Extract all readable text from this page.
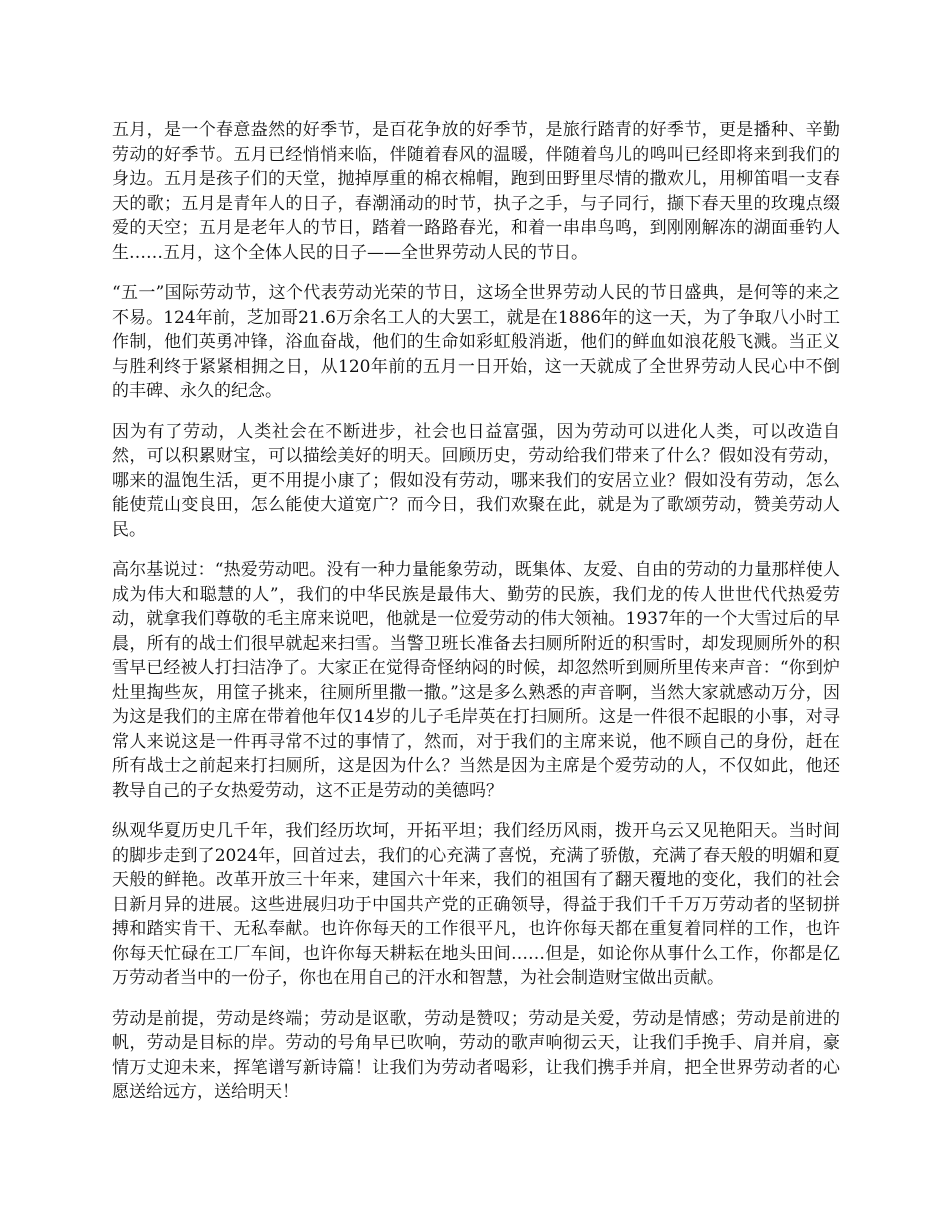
五月，是一个春意盎然的好季节，是百花争放的好季节，是旅行踏青的好季节，更是播种、辛勤劳动的好季节。五月已经悄悄来临，伴随着春风的温暖，伴随着鸟儿的鸣叫已经即将来到我们的身边。五月是孩子们的天堂，抛掉厚重的棉衣棉帽，跑到田野里尽情的撒欢儿，用柳笛唱一支春天的歌；五月是青年人的日子，春潮涌动的时节，执子之手，与子同行，撷下春天里的玫瑰点缀爱的天空；五月是老年人的节日，踏着一路路春光，和着一串串鸟鸣，到刚刚解冻的湖面垂钓人生……五月，这个全体人民的日子——全世界劳动人民的节日。

“五一”国际劳动节，这个代表劳动光荣的节日，这场全世界劳动人民的节日盛典，是何等的来之不易。124年前，芝加哥21.6万余名工人的大罢工，就是在1886年的这一天，为了争取八小时工作制，他们英勇冲锋，浴血奋战，他们的生命如彩虹般消逝，他们的鲜血如浪花般飞溅。当正义与胜利终于紧紧相拥之日，从120年前的五月一日开始，这一天就成了全世界劳动人民心中不倒的丰碑、永久的纪念。

因为有了劳动，人类社会在不断进步，社会也日益富强，因为劳动可以进化人类，可以改造自然，可以积累财宝，可以描绘美好的明天。回顾历史，劳动给我们带来了什么？假如没有劳动，哪来的温饱生活，更不用提小康了；假如没有劳动，哪来我们的安居立业？假如没有劳动，怎么能使荒山变良田，怎么能使大道宽广？而今日，我们欢聚在此，就是为了歌颂劳动，赞美劳动人民。

高尔基说过：“热爱劳动吧。没有一种力量能象劳动，既集体、友爱、自由的劳动的力量那样使人成为伟大和聪慧的人”，我们的中华民族是最伟大、勤劳的民族，我们龙的传人世世代代热爱劳动，就拿我们尊敬的毛主席来说吧，他就是一位爱劳动的伟大领袖。1937年的一个大雪过后的早晨，所有的战士们很早就起来扫雪。当警卫班长准备去扫厕所附近的积雪时，却发现厕所外的积雪早已经被人打扫洁净了。大家正在觉得奇怪纳闷的时候，却忽然听到厕所里传来声音：“你到炉灶里掏些灰，用筐子挑来，往厕所里撒一撒。”这是多么熟悉的声音啊，当然大家就感动万分，因为这是我们的主席在带着他年仅14岁的儿子毛岸英在打扫厕所。这是一件很不起眼的小事，对寻常人来说这是一件再寻常不过的事情了，然而，对于我们的主席来说，他不顾自己的身份，赶在所有战士之前起来打扫厕所，这是因为什么？当然是因为主席是个爱劳动的人，不仅如此，他还教导自己的子女热爱劳动，这不正是劳动的美德吗？

纵观华夏历史几千年，我们经历坎坷，开拓平坦；我们经历风雨，拨开乌云又见艳阳天。当时间的脚步走到了2024年，回首过去，我们的心充满了喜悦，充满了骄傲，充满了春天般的明媚和夏天般的鲜艳。改革开放三十年来，建国六十年来，我们的祖国有了翻天覆地的变化，我们的社会日新月异的进展。这些进展归功于中国共产党的正确领导，得益于我们千千万万劳动者的坚韧拼搏和踏实肯干、无私奉献。也许你每天的工作很平凡，也许你每天都在重复着同样的工作，也许你每天忙碌在工厂车间，也许你每天耕耘在地头田间……但是，如论你从事什么工作，你都是亿万劳动者当中的一份子，你也在用自己的汗水和智慧，为社会制造财宝做出贡献。

劳动是前提，劳动是终端；劳动是讴歌，劳动是赞叹；劳动是关爱，劳动是情感；劳动是前进的帆，劳动是目标的岸。劳动的号角早已吹响，劳动的歌声响彻云天，让我们手挽手、肩并肩，豪情万丈迎未来，挥笔谱写新诗篇！让我们为劳动者喝彩，让我们携手并肩，把全世界劳动者的心愿送给远方，送给明天！
